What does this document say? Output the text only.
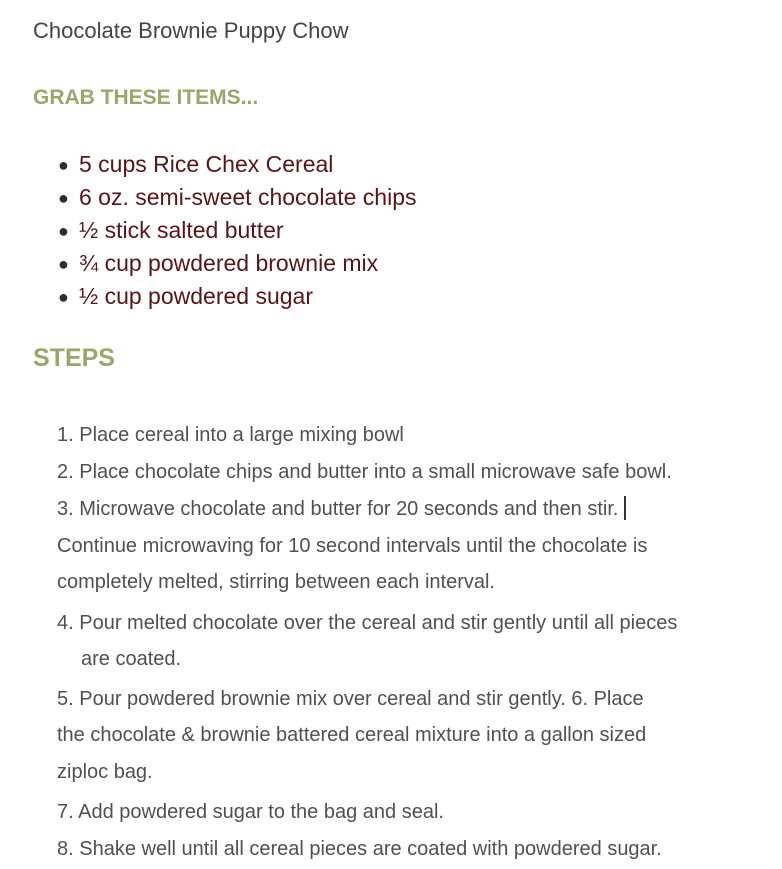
Chocolate Brownie Puppy Chow
GRAB THESE ITEMS...
● 5 cups Rice Chex Cereal
● 6 oz. semi-sweet chocolate chips
● ½ stick salted butter
● ¾ cup powdered brownie mix
● ½ cup powdered sugar
STEPS
1. Place cereal into a large mixing bowl
2. Place chocolate chips and butter into a small microwave safe bowl.
3. Microwave chocolate and butter for 20 seconds and then stir.
Continue microwaving for 10 second intervals until the chocolate is
completely melted, stirring between each interval.
4. Pour melted chocolate over the cereal and stir gently until all pieces
are coated.
5. Pour powdered brownie mix over cereal and stir gently. 6. Place
the chocolate & brownie battered cereal mixture into a gallon sized
ziploc bag.
7. Add powdered sugar to the bag and seal.
8. Shake well until all cereal pieces are coated with powdered sugar.
